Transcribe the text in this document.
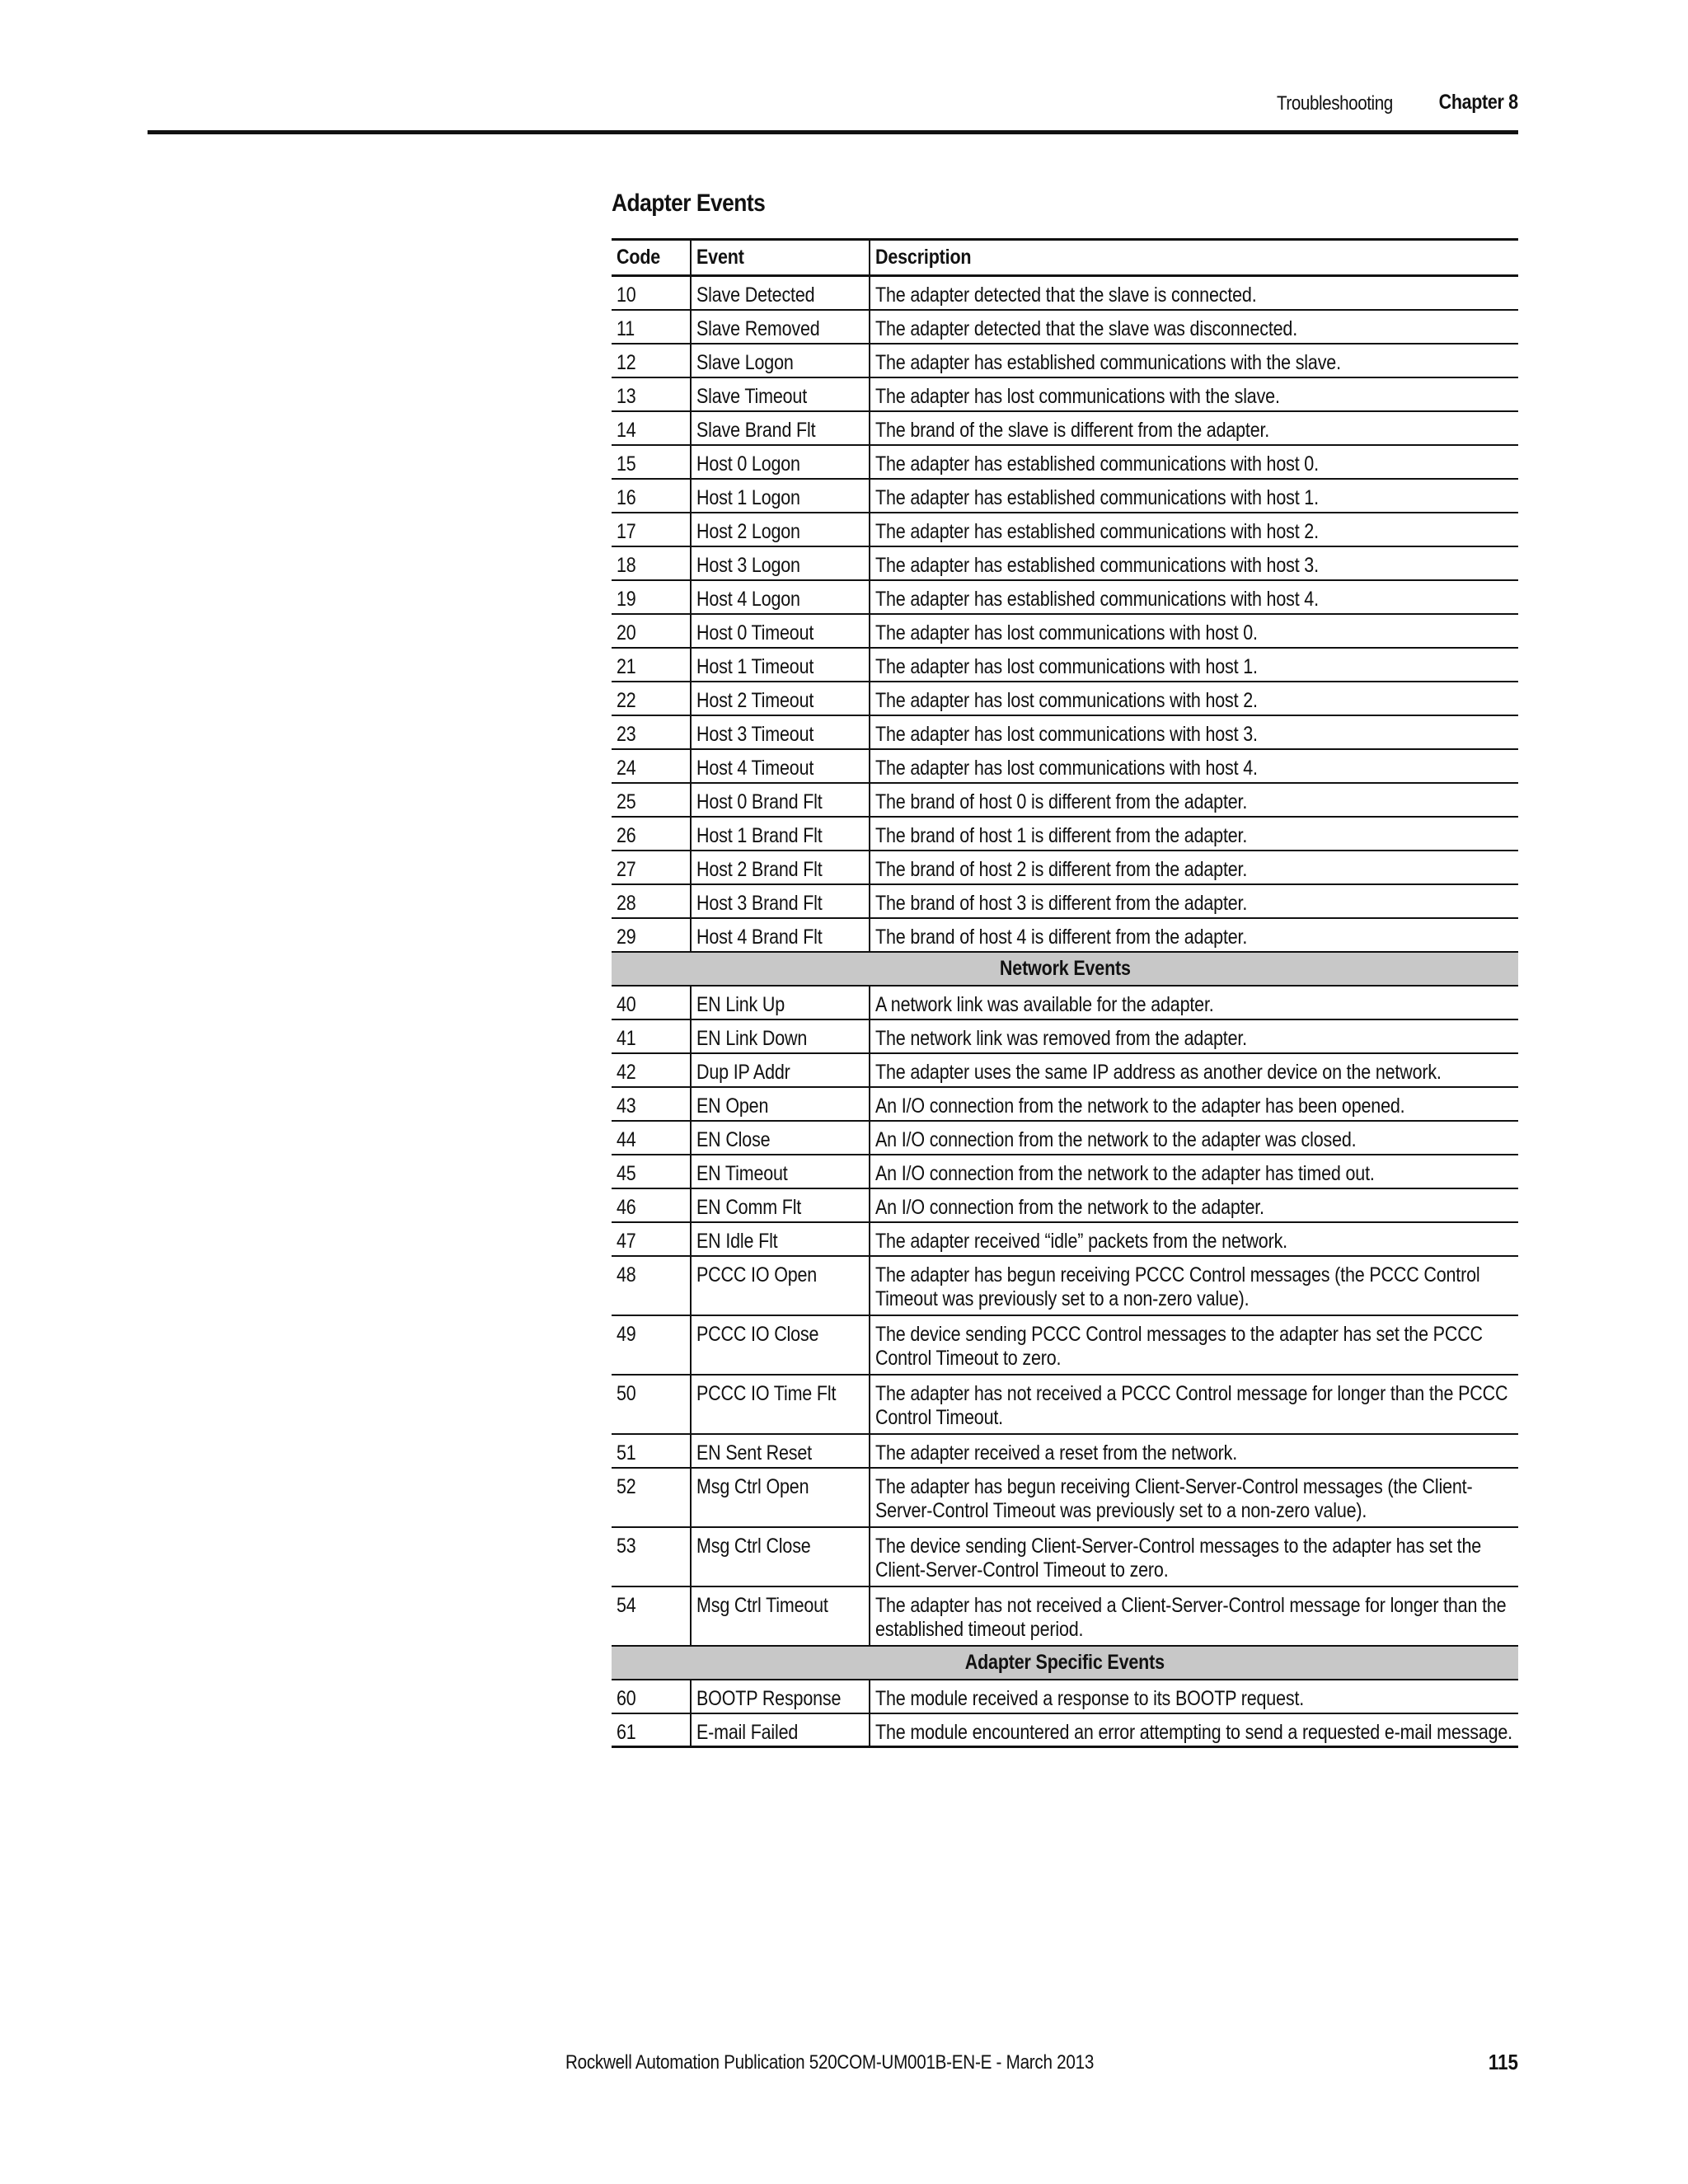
Troubleshooting Chapter 8
Adapter Events
Code	Event	Description
10	Slave Detected	The adapter detected that the slave is connected.
11	Slave Removed	The adapter detected that the slave was disconnected.
12	Slave Logon	The adapter has established communications with the slave.
13	Slave Timeout	The adapter has lost communications with the slave.
14	Slave Brand Flt	The brand of the slave is different from the adapter.
15	Host 0 Logon	The adapter has established communications with host 0.
16	Host 1 Logon	The adapter has established communications with host 1.
17	Host 2 Logon	The adapter has established communications with host 2.
18	Host 3 Logon	The adapter has established communications with host 3.
19	Host 4 Logon	The adapter has established communications with host 4.
20	Host 0 Timeout	The adapter has lost communications with host 0.
21	Host 1 Timeout	The adapter has lost communications with host 1.
22	Host 2 Timeout	The adapter has lost communications with host 2.
23	Host 3 Timeout	The adapter has lost communications with host 3.
24	Host 4 Timeout	The adapter has lost communications with host 4.
25	Host 0 Brand Flt	The brand of host 0 is different from the adapter.
26	Host 1 Brand Flt	The brand of host 1 is different from the adapter.
27	Host 2 Brand Flt	The brand of host 2 is different from the adapter.
28	Host 3 Brand Flt	The brand of host 3 is different from the adapter.
29	Host 4 Brand Flt	The brand of host 4 is different from the adapter.
Network Events		
40	EN Link Up	A network link was available for the adapter.
41	EN Link Down	The network link was removed from the adapter.
42	Dup IP Addr	The adapter uses the same IP address as another device on the network.
43	EN Open	An I/O connection from the network to the adapter has been opened.
44	EN Close	An I/O connection from the network to the adapter was closed.
45	EN Timeout	An I/O connection from the network to the adapter has timed out.
46	EN Comm Flt	An I/O connection from the network to the adapter.
47	EN Idle Flt	The adapter received “idle” packets from the network.
48	PCCC IO Open	The adapter has begun receiving PCCC Control messages (the PCCC Control Timeout was previously set to a non-zero value).
49	PCCC IO Close	The device sending PCCC Control messages to the adapter has set the PCCC Control Timeout to zero.
50	PCCC IO Time Flt	The adapter has not received a PCCC Control message for longer than the PCCC Control Timeout.
51	EN Sent Reset	The adapter received a reset from the network.
52	Msg Ctrl Open	The adapter has begun receiving Client-Server-Control messages (the Client-Server-Control Timeout was previously set to a non-zero value).
53	Msg Ctrl Close	The device sending Client-Server-Control messages to the adapter has set the Client-Server-Control Timeout to zero.
54	Msg Ctrl Timeout	The adapter has not received a Client-Server-Control message for longer than the established timeout period.
Adapter Specific Events		
60	BOOTP Response	The module received a response to its BOOTP request.
61	E-mail Failed	The module encountered an error attempting to send a requested e-mail message.
Rockwell Automation Publication 520COM-UM001B-EN-E - March 2013	115
